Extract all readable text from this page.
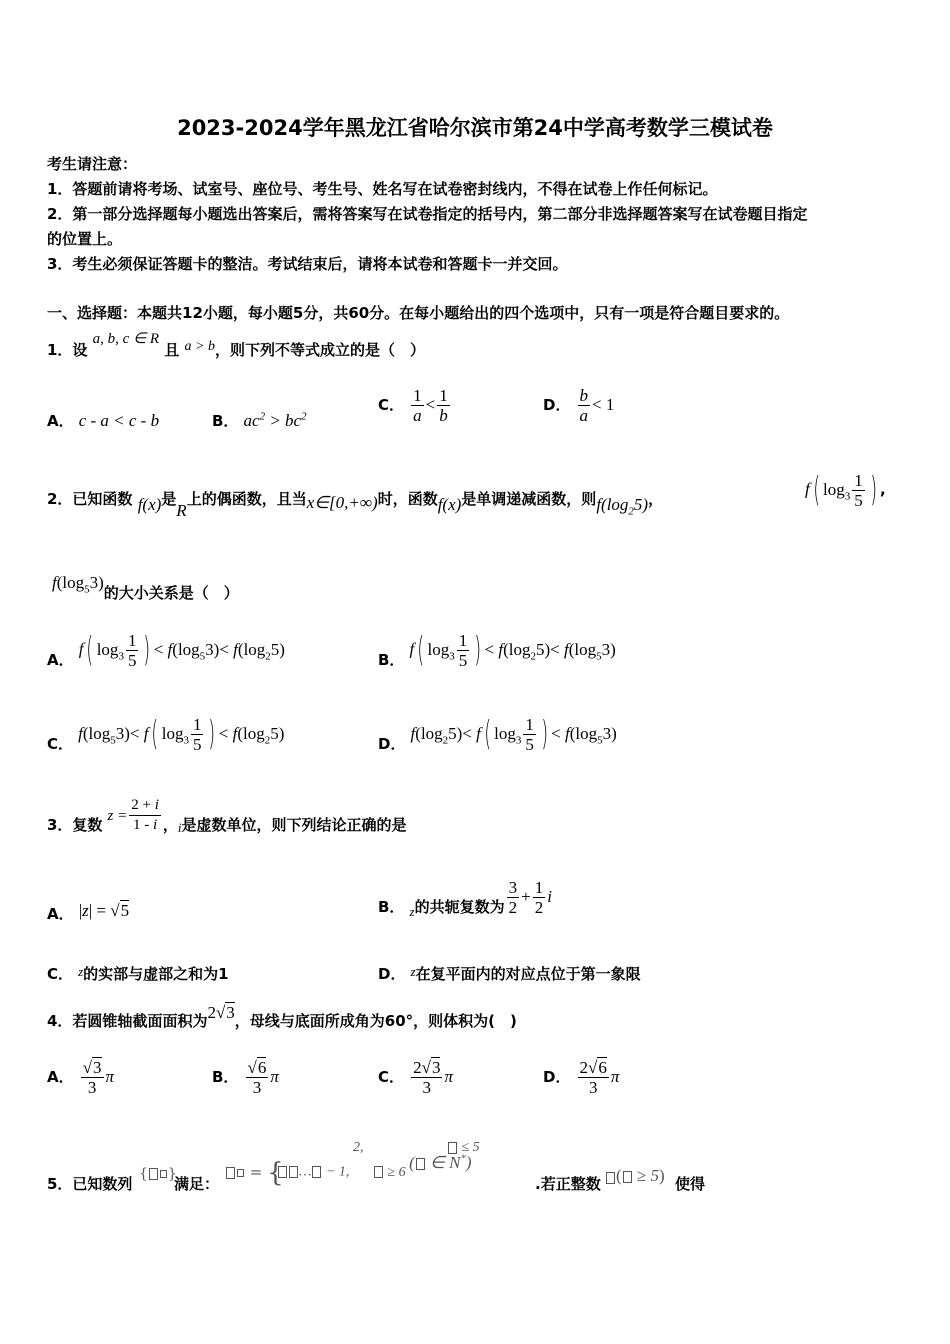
2023-2024学年黑龙江省哈尔滨市第24中学高考数学三模试卷
考生请注意：
1．答题前请将考场、试室号、座位号、考生号、姓名写在试卷密封线内，不得在试卷上作任何标记。
2．第一部分选择题每小题选出答案后，需将答案写在试卷指定的括号内，第二部分非选择题答案写在试卷题目指定
的位置上。
3．考生必须保证答题卡的整洁。考试结束后，请将本试卷和答题卡一并交回。
一、选择题：本题共12小题，每小题5分，共60分。在每小题给出的四个选项中，只有一项是符合题目要求的。
1．设 a, b, c ∈ R 且 a > b，则下列不等式成立的是（　）
A． c - a < c - b	B． $ac^2 > bc^2$
C． $\frac{1}{a} < \frac{1}{b}$	D． $\frac{b}{a} < 1$
2．已知函数 f(x)是R上的偶函数，且当x∈[0,+∞)时，函数f(x)是单调递减函数，则$f(\log_25)$，
f( $\log_3 \frac{1}{5}$ ) ,
$f(\log_53)$的大小关系是（　）
A． f( $\log_3 \frac{1}{5}$ ) < $f(\log_53)< f(\log_25)$
B． f( $\log_3 \frac{1}{5}$ ) < $f(\log_25)< f(\log_53)$
C． $f(\log_53)< f$( $\log_3 \frac{1}{5}$ ) < $f(\log_25)$
D． $f(\log_25)< f$( $\log_3 \frac{1}{5}$ ) < $f(\log_53)$
3．复数 $z = \frac{2 + i}{1 - i}$ ，$_i$是虚数单位，则下列结论正确的是
A． |z| = √5	B． $_z$的共轭复数为 $\frac{3}{2} + \frac{1}{2}$ i
C． z的实部与虚部之和为1	D． z在复平面内的对应点位于第一象限
4．若圆锥轴截面面积为2√3，母线与底面所成角为60°，则体积为(　)
A． $\frac{√3}{3}$ π	B． $\frac{√6}{3}$ π	C． $\frac{2√3}{3}$ π	D． $\frac{2√6}{3}$ π
5．已知数列
{ }
满足：
= {
2,	≤ 5
… − 1,  ≥ 6 ( ∈ N*)
.若正整数 ( ≥ 5) 使得
